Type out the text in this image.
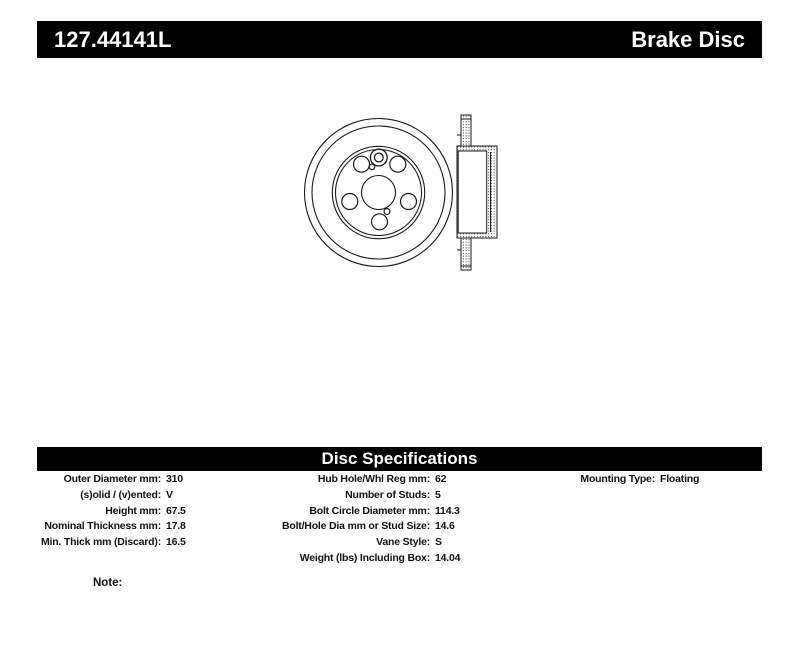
127.44141L	Brake Disc
Disc Specifications
Outer Diameter mm:
(s)olid / (v)ented:
Height mm:
Nominal Thickness mm:
Min. Thick mm (Discard):
310
V
67.5
17.8
16.5
Hub Hole/Whl Reg mm:
Number of Studs:
Bolt Circle Diameter mm:
Bolt/Hole Dia mm or Stud Size:
Vane Style:
Weight (lbs) Including Box:
62
5
114.3
14.6
S
14.04
Mounting Type: Floating
Note:
